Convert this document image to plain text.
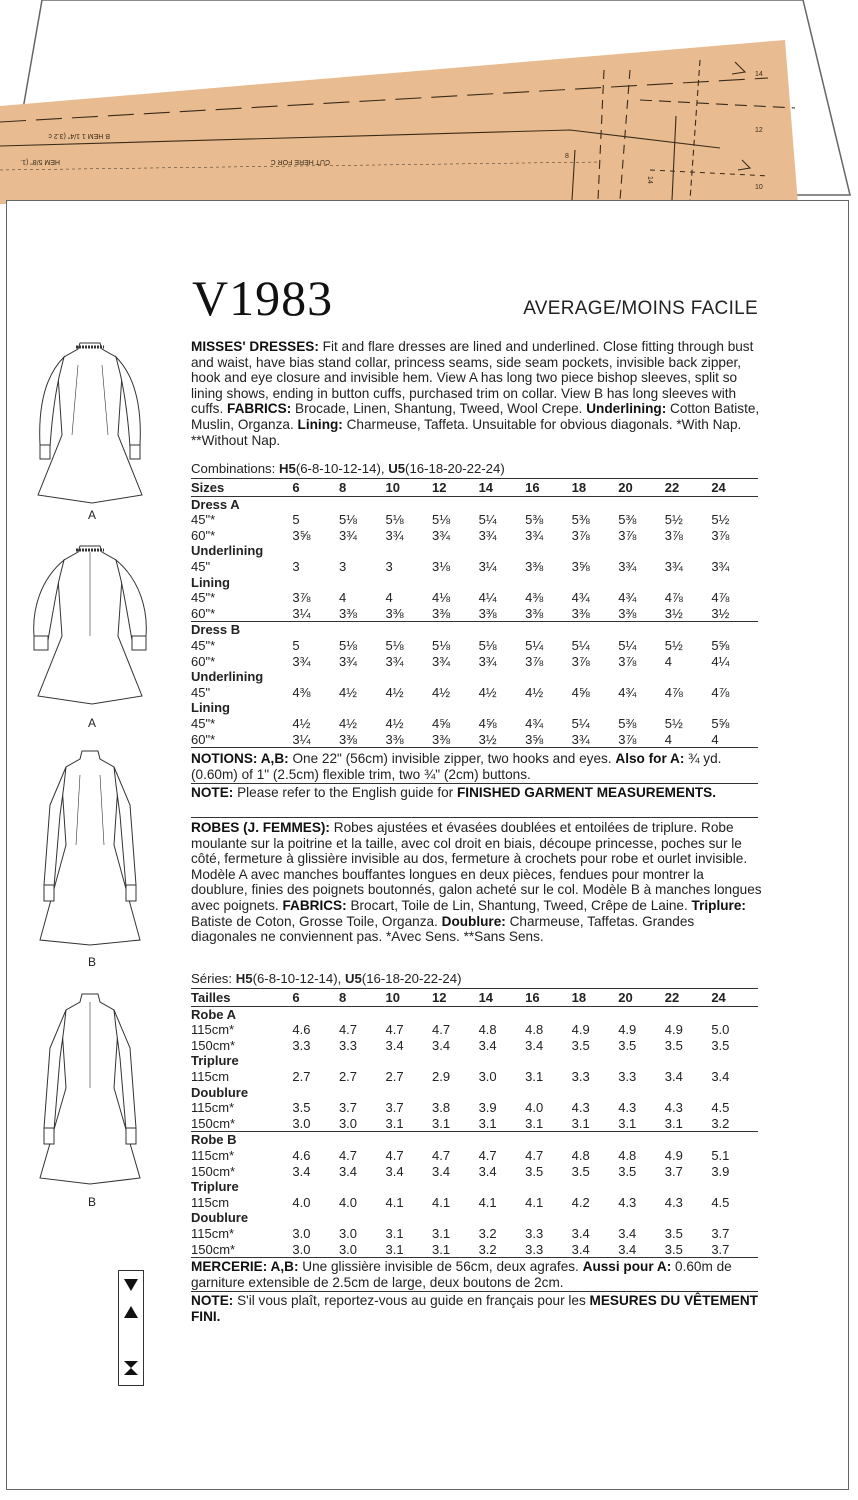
B HEM 1 1/4" (3.2 c
HEM 5/8" (1.	CUT HERE FOR C
8
14
14
12
10
V1983	AVERAGE/MOINS FACILE

MISSES' DRESSES: Fit and flare dresses are lined and underlined. Close fitting through bust and waist, have bias stand collar, princess seams, side seam pockets, invisible back zipper, hook and eye closure and invisible hem. View A has long two piece bishop sleeves, split so lining shows, ending in button cuffs, purchased trim on collar. View B has long sleeves with cuffs. FABRICS: Brocade, Linen, Shantung, Tweed, Wool Crepe. Underlining: Cotton Batiste, Muslin, Organza. Lining: Charmeuse, Taffeta. Unsuitable for obvious diagonals. *With Nap. **Without Nap.

Combinations: H5(6-8-10-12-14), U5(16-18-20-22-24)
Sizes	6	8	10	12	14	16	18	20	22	24
Dress A										
45"*	5	5⅛	5⅛	5⅛	5¼	5⅜	5⅜	5⅜	5½	5½
60"*	3⅝	3¾	3¾	3¾	3¾	3¾	3⅞	3⅞	3⅞	3⅞
Underlining										
45"	3	3	3	3⅛	3¼	3⅜	3⅝	3¾	3¾	3¾
Lining										
45"*	3⅞	4	4	4⅛	4¼	4⅜	4¾	4¾	4⅞	4⅞
60"*	3¼	3⅜	3⅜	3⅜	3⅜	3⅜	3⅜	3⅜	3½	3½
Dress B										
45"*	5	5⅛	5⅛	5⅛	5⅛	5¼	5¼	5¼	5½	5⅝
60"*	3¾	3¾	3¾	3¾	3¾	3⅞	3⅞	3⅞	4	4¼
Underlining										
45"	4⅜	4½	4½	4½	4½	4½	4⅝	4¾	4⅞	4⅞
Lining										
45"*	4½	4½	4½	4⅝	4⅝	4¾	5¼	5⅜	5½	5⅝
60"*	3¼	3⅜	3⅜	3⅜	3½	3⅝	3¾	3⅞	4	4

NOTIONS: A,B: One 22" (56cm) invisible zipper, two hooks and eyes. Also for A: ¾ yd. (0.60m) of 1" (2.5cm) flexible trim, two ¾" (2cm) buttons.

NOTE: Please refer to the English guide for FINISHED GARMENT MEASUREMENTS.

ROBES (J. FEMMES): Robes ajustées et évasées doublées et entoilées de triplure. Robe moulante sur la poitrine et la taille, avec col droit en biais, découpe princesse, poches sur le côté, fermeture à glissière invisible au dos, fermeture à crochets pour robe et ourlet invisible. Modèle A avec manches bouffantes longues en deux pièces, fendues pour montrer la doublure, finies des poignets boutonnés, galon acheté sur le col. Modèle B à manches longues avec poignets. FABRICS: Brocart, Toile de Lin, Shantung, Tweed, Crêpe de Laine. Triplure: Batiste de Coton, Grosse Toile, Organza. Doublure: Charmeuse, Taffetas. Grandes diagonales ne conviennent pas. *Avec Sens. **Sans Sens.

Séries: H5(6-8-10-12-14), U5(16-18-20-22-24)
Tailles	6	8	10	12	14	16	18	20	22	24
Robe A										
115cm*	4.6	4.7	4.7	4.7	4.8	4.8	4.9	4.9	4.9	5.0
150cm*	3.3	3.3	3.4	3.4	3.4	3.4	3.5	3.5	3.5	3.5
Triplure										
115cm	2.7	2.7	2.7	2.9	3.0	3.1	3.3	3.3	3.4	3.4
Doublure										
115cm*	3.5	3.7	3.7	3.8	3.9	4.0	4.3	4.3	4.3	4.5
150cm*	3.0	3.0	3.1	3.1	3.1	3.1	3.1	3.1	3.1	3.2
Robe B										
115cm*	4.6	4.7	4.7	4.7	4.7	4.7	4.8	4.8	4.9	5.1
150cm*	3.4	3.4	3.4	3.4	3.4	3.5	3.5	3.5	3.7	3.9
Triplure										
115cm	4.0	4.0	4.1	4.1	4.1	4.1	4.2	4.3	4.3	4.5
Doublure										
115cm*	3.0	3.0	3.1	3.1	3.2	3.3	3.4	3.4	3.5	3.7
150cm*	3.0	3.0	3.1	3.1	3.2	3.3	3.4	3.4	3.5	3.7

MERCERIE: A,B: Une glissière invisible de 56cm, deux agrafes. Aussi pour A: 0.60m de garniture extensible de 2.5cm de large, deux boutons de 2cm.

NOTE: S'il vous plaît, reportez-vous au guide en français pour les MESURES DU VÊTEMENT FINI.

A
A
B
B
